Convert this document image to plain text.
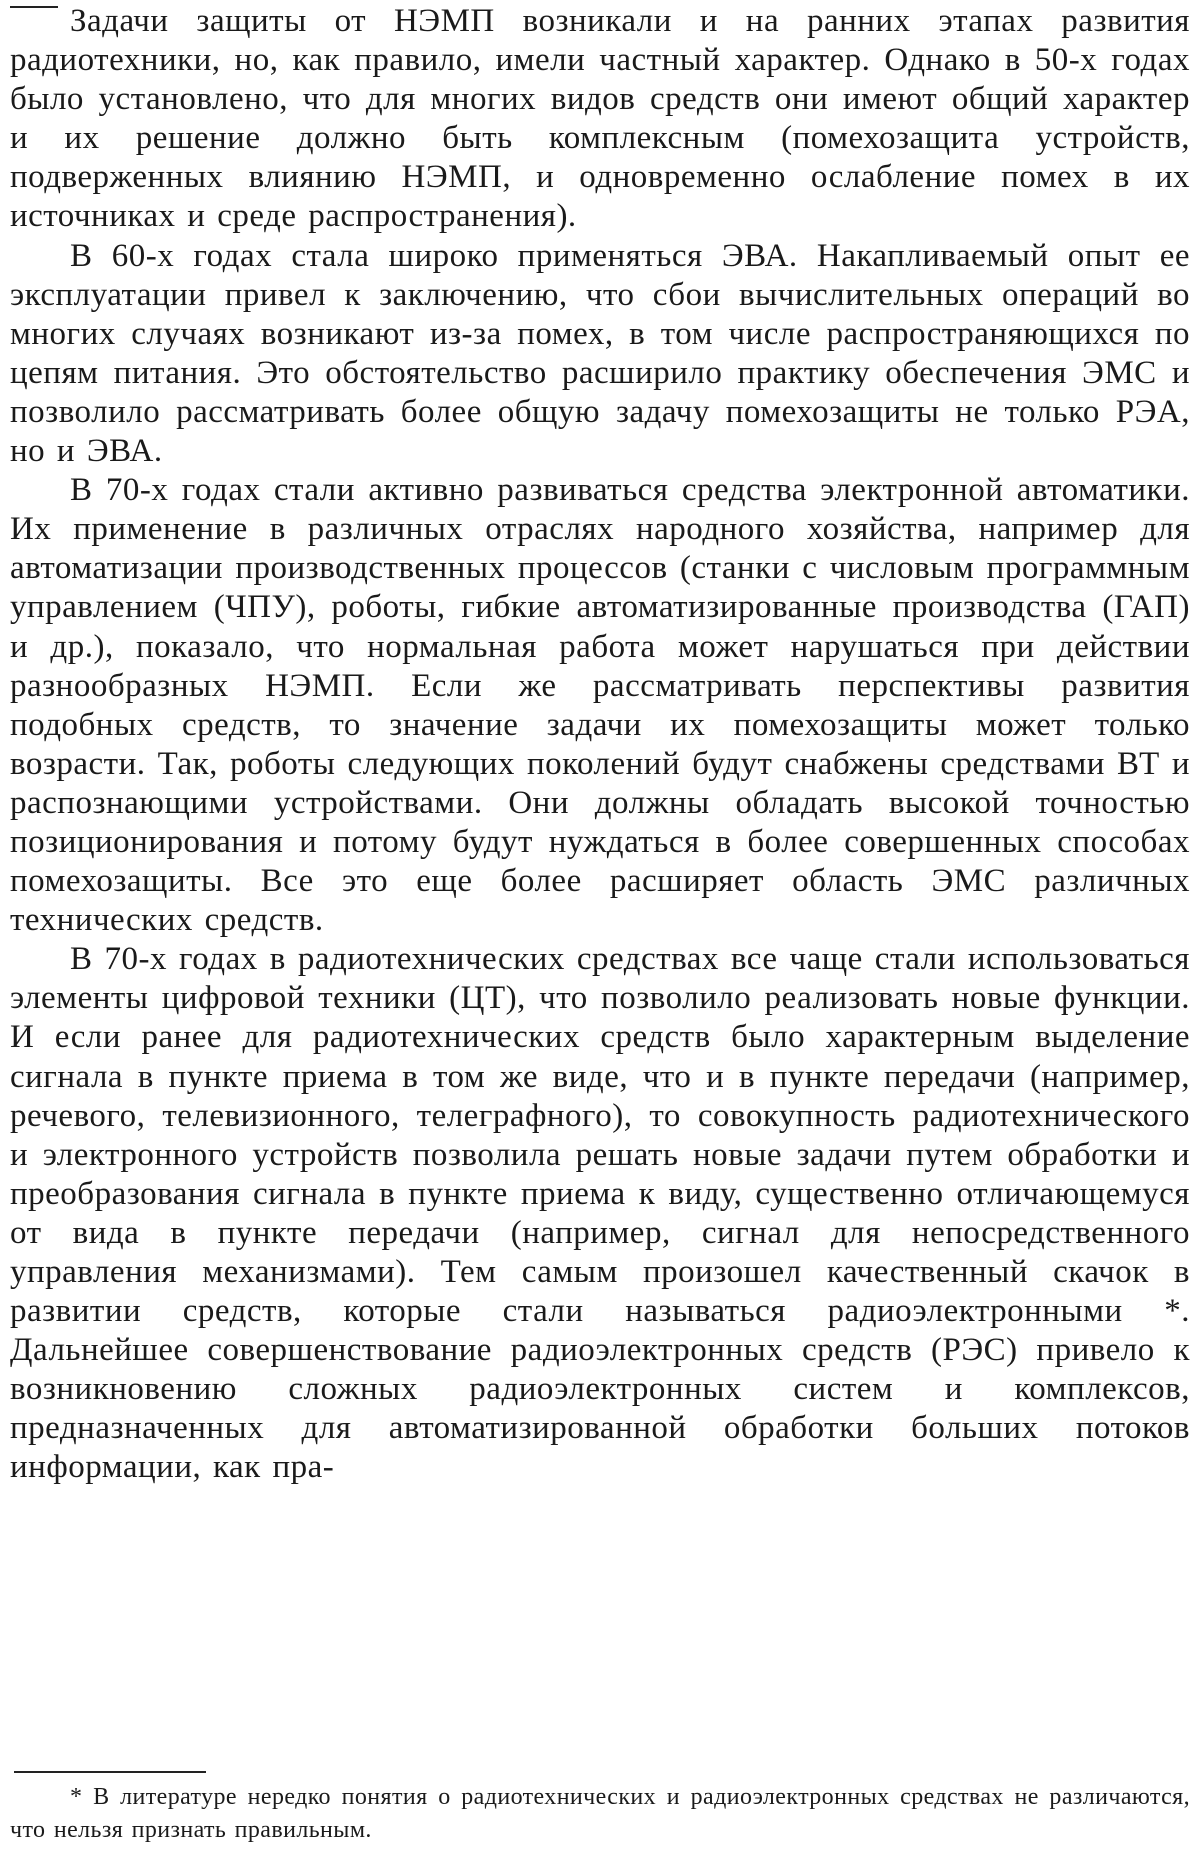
Задачи защиты от НЭМП возникали и на ранних этапах развития радиотехники, но, как правило, имели частный характер. Однако в 50-х годах было установлено, что для многих видов средств они имеют общий характер и их решение должно быть комплексным (помехозащита устройств, подверженных влиянию НЭМП, и одновременно ослабление помех в их источниках и среде распространения).

В 60-х годах стала широко применяться ЭВА. Накапливаемый опыт ее эксплуатации привел к заключению, что сбои вычислительных операций во многих случаях возникают из-за помех, в том числе распространяющихся по цепям питания. Это обстоятельство расширило практику обеспечения ЭМС и позволило рассматривать более общую задачу помехозащиты не только РЭА, но и ЭВА.

В 70-х годах стали активно развиваться средства электронной автоматики. Их применение в различных отраслях народного хозяйства, например для автоматизации производственных процессов (станки с числовым программным управлением (ЧПУ), роботы, гибкие автоматизированные производства (ГАП) и др.), показало, что нормальная работа может нарушаться при действии разнообразных НЭМП. Если же рассматривать перспективы развития подобных средств, то значение задачи их помехозащиты может только возрасти. Так, роботы следующих поколений будут снабжены средствами ВТ и распознающими устройствами. Они должны обладать высокой точностью позиционирования и потому будут нуждаться в более совершенных способах помехозащиты. Все это еще более расширяет область ЭМС различных технических средств.

В 70-х годах в радиотехнических средствах все чаще стали использоваться элементы цифровой техники (ЦТ), что позволило реализовать новые функции. И если ранее для радиотехнических средств было характерным выделение сигнала в пункте приема в том же виде, что и в пункте передачи (например, речевого, телевизионного, телеграфного), то совокупность радиотехнического и электронного устройств позволила решать новые задачи путем обработки и преобразования сигнала в пункте приема к виду, существенно отличающемуся от вида в пункте передачи (например, сигнал для непосредственного управления механизмами). Тем самым произошел качественный скачок в развитии средств, которые стали называться радиоэлектронными *. Дальнейшее совершенствование радиоэлектронных средств (РЭС) привело к возникновению сложных радиоэлектронных систем и комплексов, предназначенных для автоматизированной обработки больших потоков информации, как пра-

* В литературе нередко понятия о радиотехнических и радиоэлектронных средствах не различаются, что нельзя признать правильным.
